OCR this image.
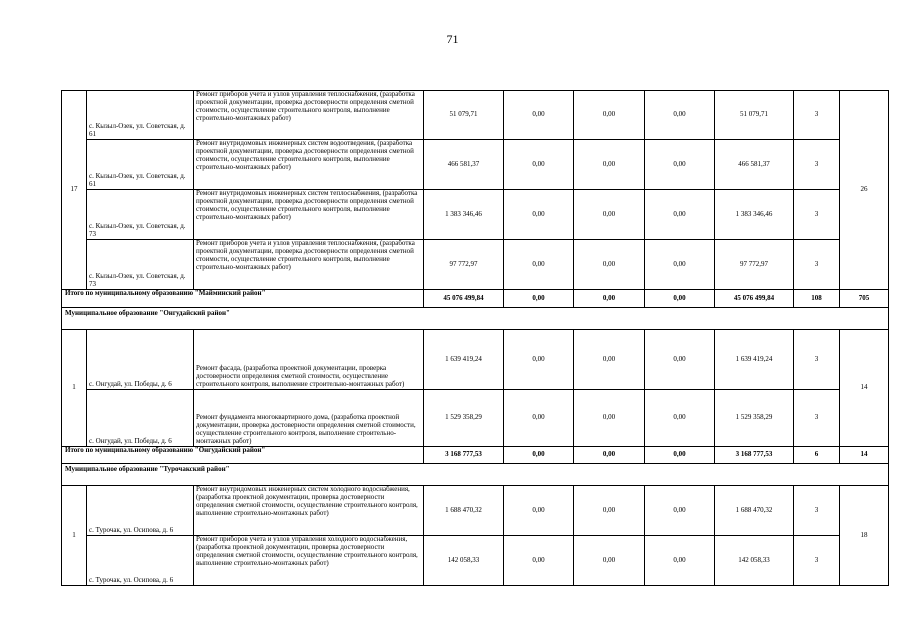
71
17	с. Кызыл-Озек, ул. Советская, д. 61	Ремонт приборов учета и узлов управления теплоснабжения, (разработка проектной документации, проверка достоверности определения сметной стоимости, осуществление строительного контроля, выполнение строительно-монтажных работ)	51 079,71	0,00	0,00	0,00	51 079,71	3	26
	с. Кызыл-Озек, ул. Советская, д. 61	Ремонт внутридомовых инженерных систем водоотведения, (разработка проектной документации, проверка достоверности определения сметной стоимости, осуществление строительного контроля, выполнение строительно-монтажных работ)	466 581,37	0,00	0,00	0,00	466 581,37	3	
	с. Кызыл-Озек, ул. Советская, д. 73	Ремонт внутридомовых инженерных систем теплоснабжения, (разработка проектной документации, проверка достоверности определения сметной стоимости, осуществление строительного контроля, выполнение строительно-монтажных работ)	1 383 346,46	0,00	0,00	0,00	1 383 346,46	3	
	с. Кызыл-Озек, ул. Советская, д. 73	Ремонт приборов учета и узлов управления теплоснабжения, (разработка проектной документации, проверка достоверности определения сметной стоимости, осуществление строительного контроля, выполнение строительно-монтажных работ)	97 772,97	0,00	0,00	0,00	97 772,97	3	
Итого по муниципальному образованию "Майминский район"			45 076 499,84	0,00	0,00	0,00	45 076 499,84	108	705
Муниципальное образование "Онгудайский район"									
1	с. Онгудай, ул. Победы, д. 6	Ремонт фасада, (разработка проектной документации, проверка достоверности определения сметной стоимости, осуществление строительного контроля, выполнение строительно-монтажных работ)	1 639 419,24	0,00	0,00	0,00	1 639 419,24	3	14
	с. Онгудай, ул. Победы, д. 6	Ремонт фундамента многоквартирного дома, (разработка проектной документации, проверка достоверности определения сметной стоимости, осуществление строительного контроля, выполнение строительно-монтажных работ)	1 529 358,29	0,00	0,00	0,00	1 529 358,29	3	
Итого по муниципальному образованию "Онгудайский район"			3 168 777,53	0,00	0,00	0,00	3 168 777,53	6	14
Муниципальное образование "Турочакский район"									
1	с. Турочак, ул. Осипова, д. 6	Ремонт внутридомовых инженерных систем холодного водоснабжения, (разработка проектной документации, проверка достоверности определения сметной стоимости, осуществление строительного контроля, выполнение строительно-монтажных работ)	1 688 470,32	0,00	0,00	0,00	1 688 470,32	3	18
	с. Турочак, ул. Осипова, д. 6	Ремонт приборов учета и узлов управления холодного водоснабжения, (разработка проектной документации, проверка достоверности определения сметной стоимости, осуществление строительного контроля, выполнение строительно-монтажных работ)	142 058,33	0,00	0,00	0,00	142 058,33	3	
